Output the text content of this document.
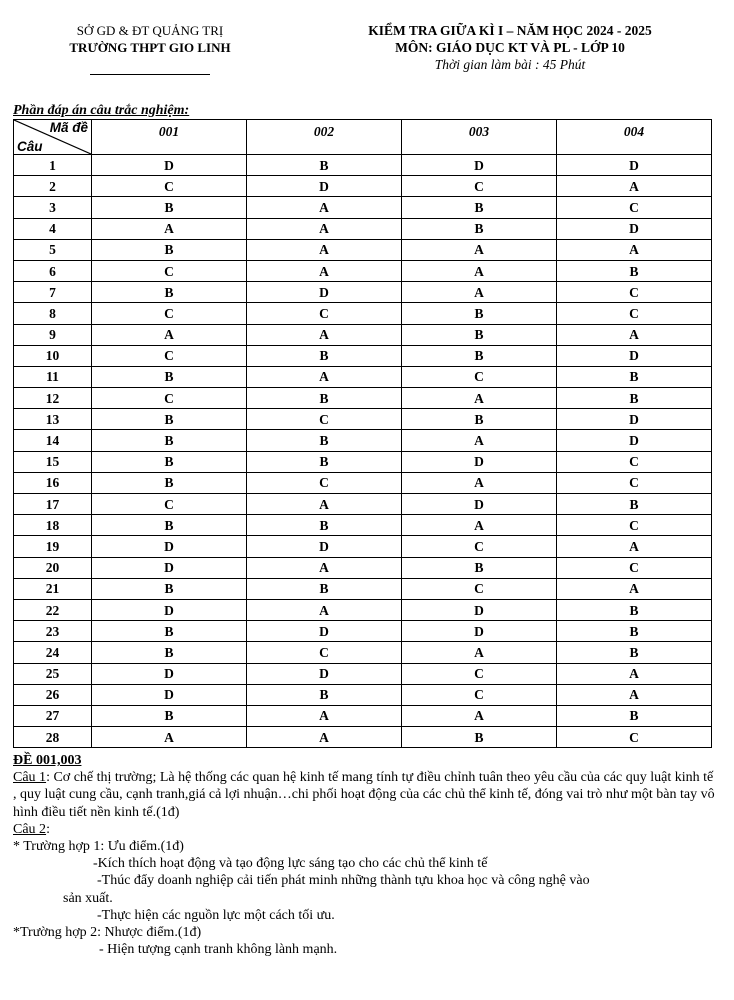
SỞ GD & ĐT QUẢNG TRỊ
TRƯỜNG THPT GIO LINH
KIỂM TRA GIỮA KÌ I – NĂM HỌC 2024 - 2025
MÔN: GIÁO DỤC KT VÀ PL - LỚP 10
Thời gian làm bài : 45 Phút
Phần đáp án câu trắc nghiệm:
Mã đề
Câu	001	002	003	004
1	D	B	D	D
2	C	D	C	A
3	B	A	B	C
4	A	A	B	D
5	B	A	A	A
6	C	A	A	B
7	B	D	A	C
8	C	C	B	C
9	A	A	B	A
10	C	B	B	D
11	B	A	C	B
12	C	B	A	B
13	B	C	B	D
14	B	B	A	D
15	B	B	D	C
16	B	C	A	C
17	C	A	D	B
18	B	B	A	C
19	D	D	C	A
20	D	A	B	C
21	B	B	C	A
22	D	A	D	B
23	B	D	D	B
24	B	C	A	B
25	D	D	C	A
26	D	B	C	A
27	B	A	A	B
28	A	A	B	C

ĐỀ 001,003

Câu 1: Cơ chế thị trường; Là hệ thống các quan hệ kinh tế mang tính tự điều chỉnh tuân theo yêu cầu của các quy luật kinh tế , quy luật cung cầu, cạnh tranh,giá cả lợi nhuận…chi phối hoạt động của các chủ thể kinh tế, đóng vai trò như một bàn tay vô hình điều tiết nền kinh tế.(1đ)

Câu 2:

* Trường hợp 1: Ưu điểm.(1đ)

-Kích thích hoạt động và tạo động lực sáng tạo cho các chủ thể kinh tế

-Thúc đẩy doanh nghiệp cải tiến phát minh những thành tựu khoa học và công nghệ vào

sản xuất.

-Thực hiện các nguồn lực một cách tối ưu.

*Trường hợp 2: Nhược điểm.(1đ)

- Hiện tượng cạnh tranh không lành mạnh.
